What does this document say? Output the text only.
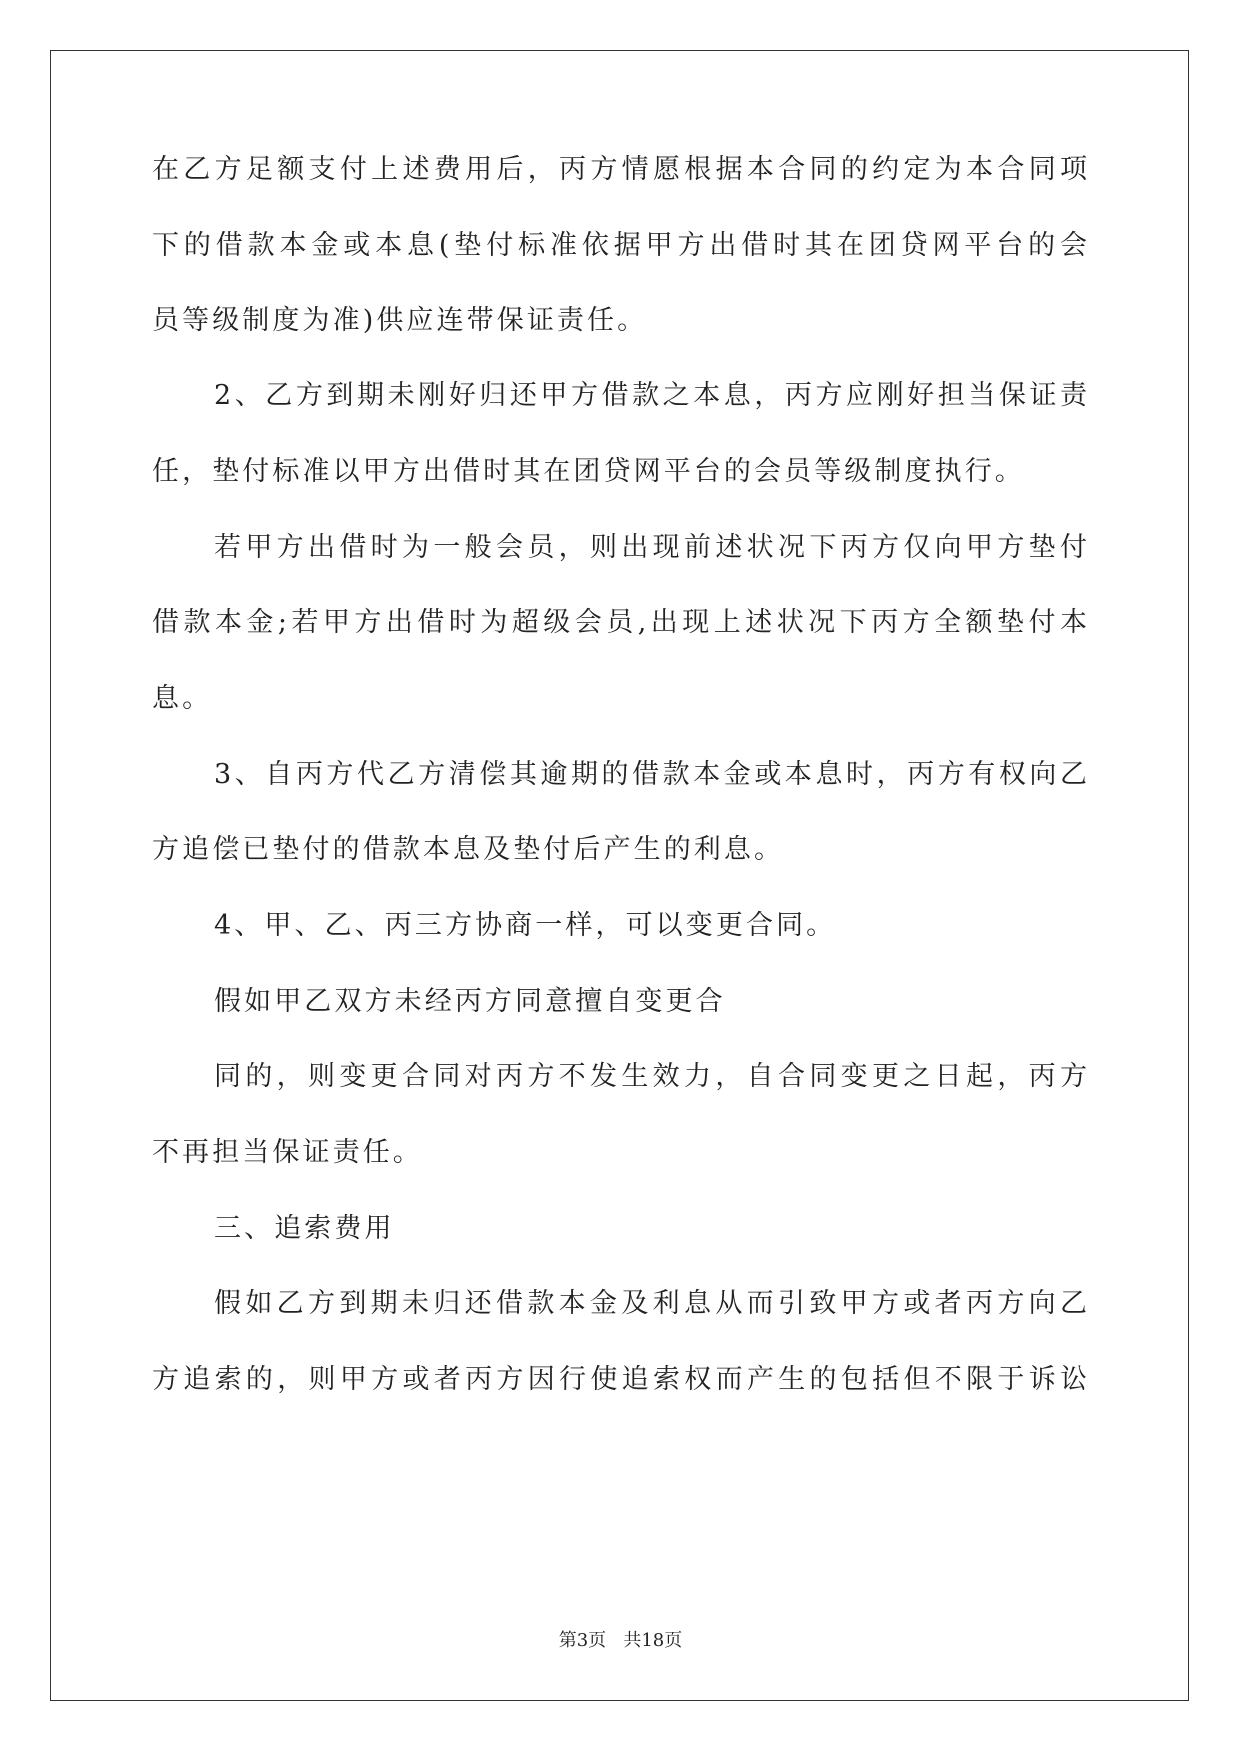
在乙方足额支付上述费用后，丙方情愿根据本合同的约定为本合同项

下的借款本金或本息(垫付标准依据甲方出借时其在团贷网平台的会

员等级制度为准)供应连带保证责任。

2、乙方到期未刚好归还甲方借款之本息，丙方应刚好担当保证责

任，垫付标准以甲方出借时其在团贷网平台的会员等级制度执行。

若甲方出借时为一般会员，则出现前述状况下丙方仅向甲方垫付

借款本金;若甲方出借时为超级会员,出现上述状况下丙方全额垫付本

息。

3、自丙方代乙方清偿其逾期的借款本金或本息时，丙方有权向乙

方追偿已垫付的借款本息及垫付后产生的利息。

4、甲、乙、丙三方协商一样，可以变更合同。

假如甲乙双方未经丙方同意擅自变更合

同的，则变更合同对丙方不发生效力，自合同变更之日起，丙方

不再担当保证责任。

三、追索费用

假如乙方到期未归还借款本金及利息从而引致甲方或者丙方向乙

方追索的，则甲方或者丙方因行使追索权而产生的包括但不限于诉讼

第3页   共18页
